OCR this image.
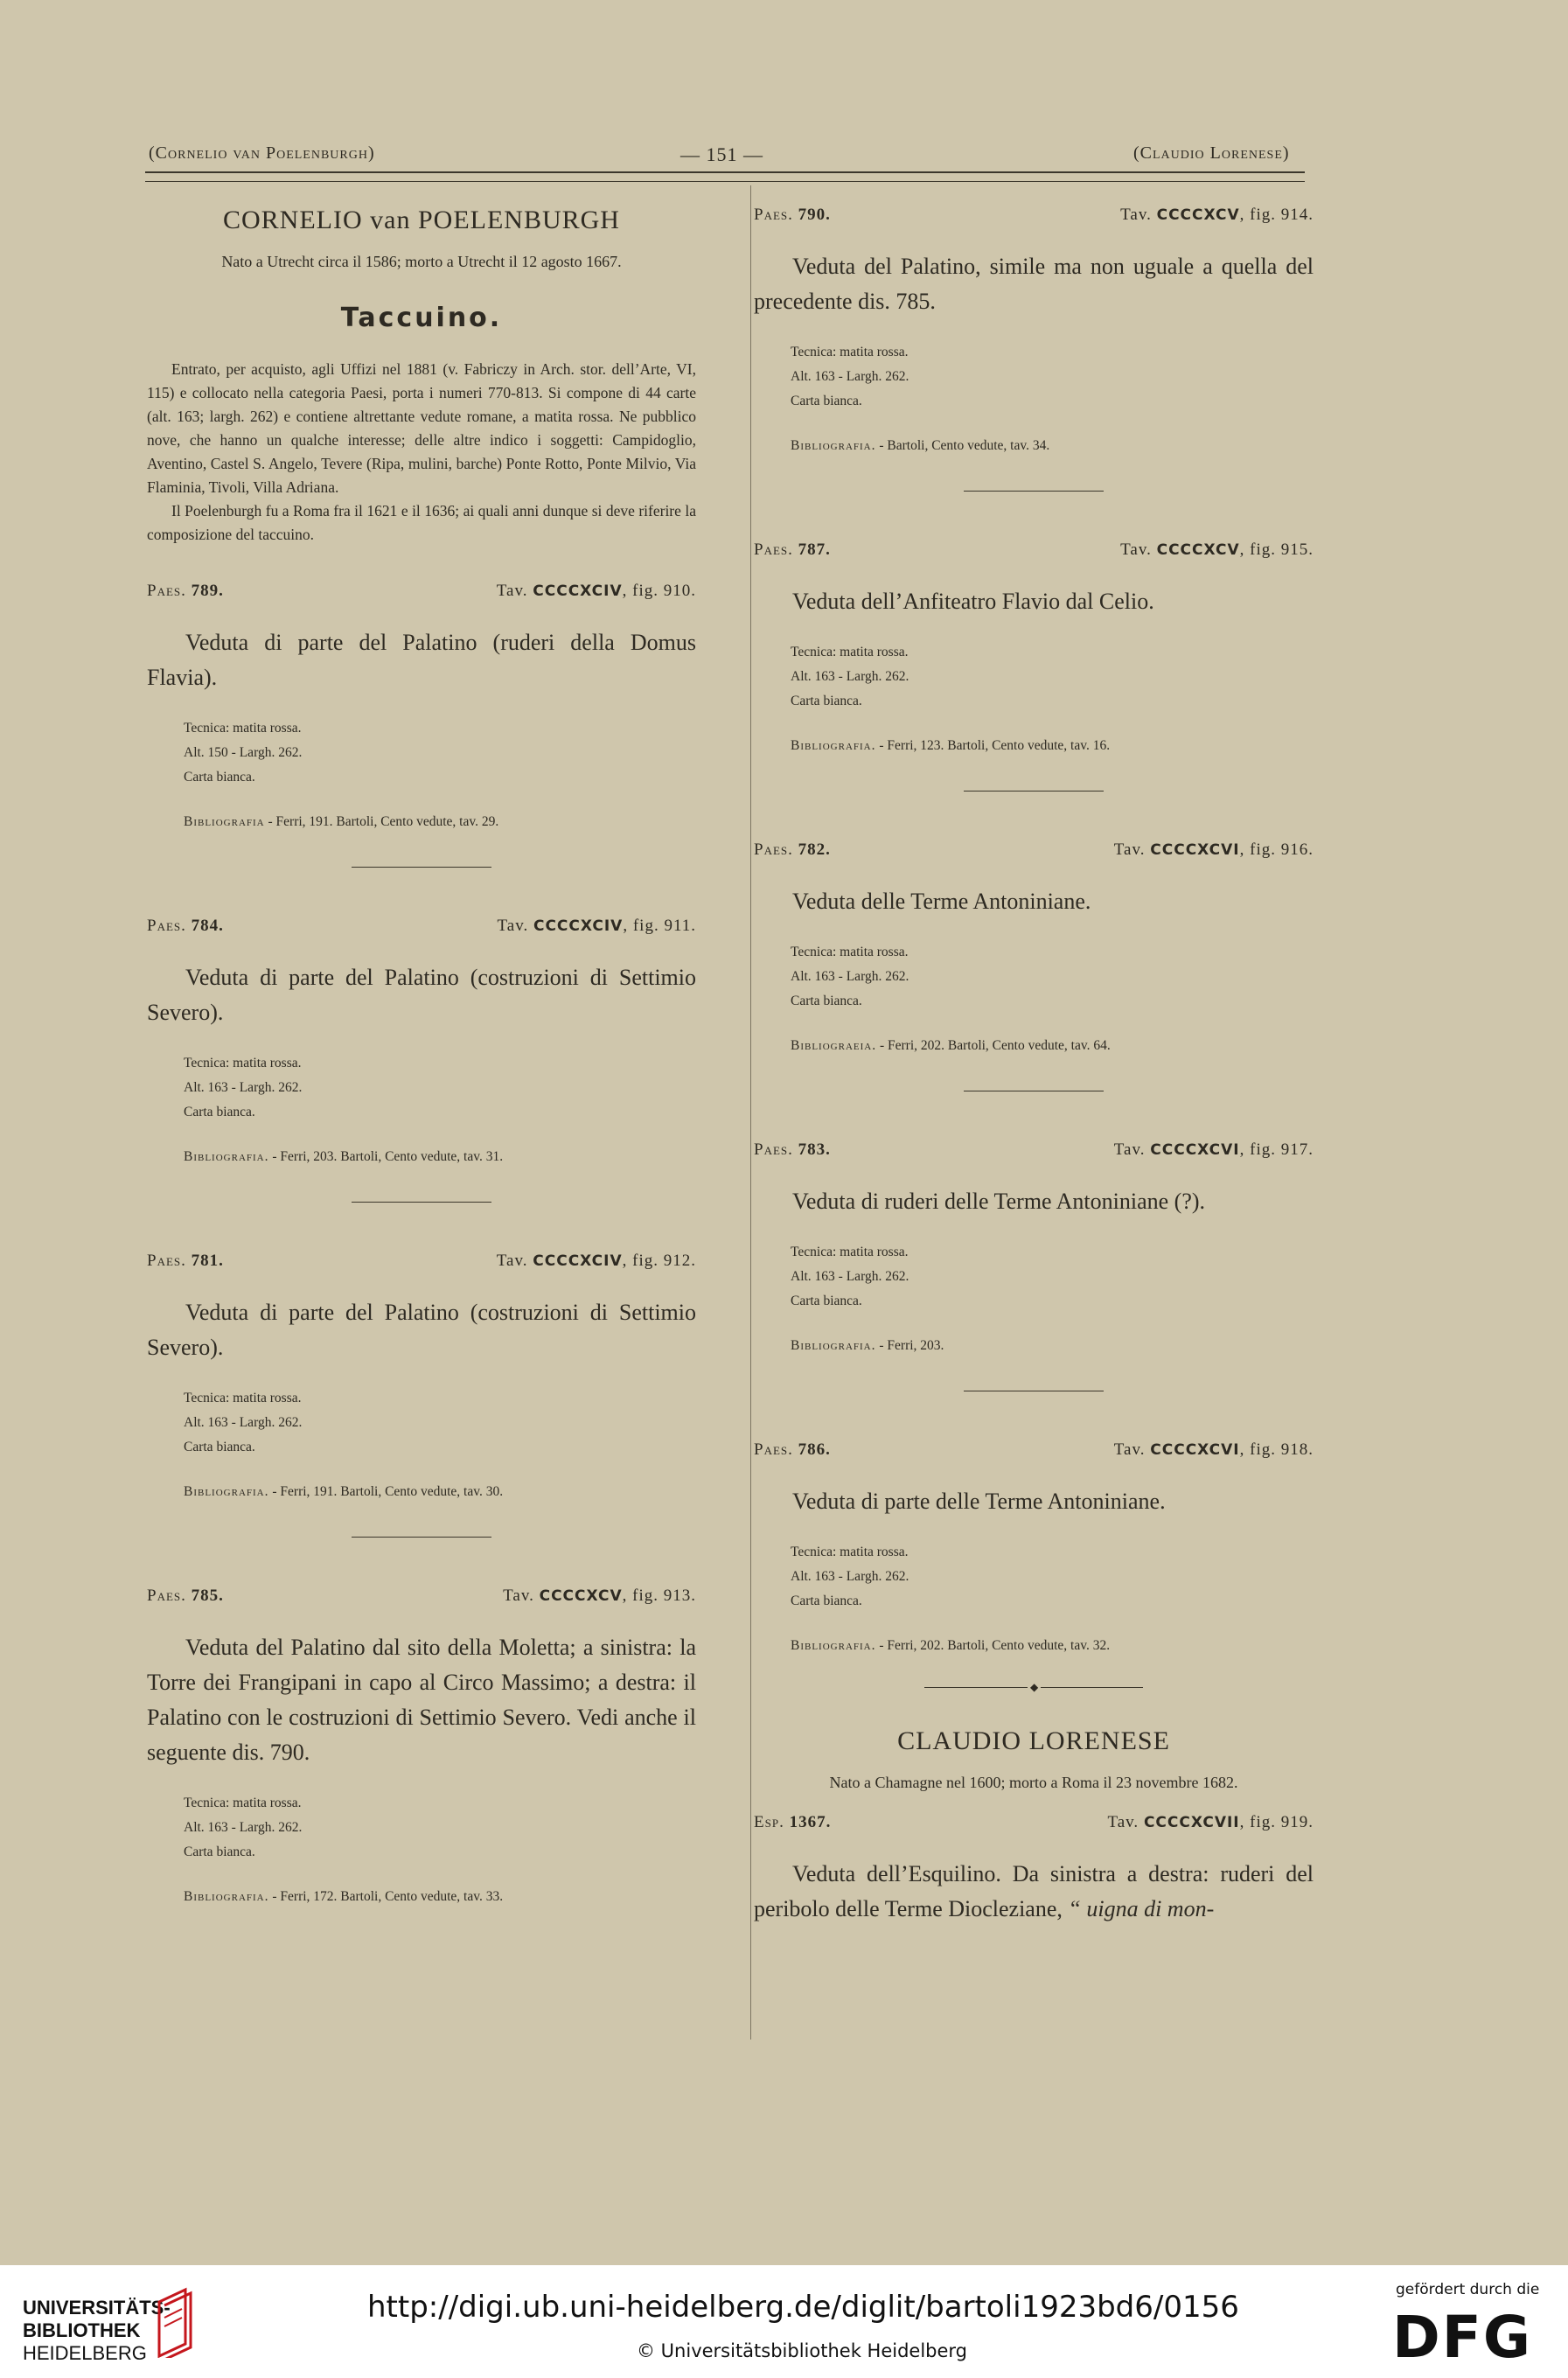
(Cornelio van Poelenburgh)	— 151 —	(Claudio Lorenese)
CORNELIO van POELENBURGH
Nato a Utrecht circa il 1586; morto a Utrecht il 12 agosto 1667.
Taccuino.

Entrato, per acquisto, agli Uffizi nel 1881 (v. Fabriczy in Arch. stor. dell’Arte, VI, 115) e collocato nella categoria Paesi, porta i numeri 770-813. Si compone di 44 carte (alt. 163; largh. 262) e contiene altrettante vedute romane, a matita rossa. Ne pubblico nove, che hanno un qualche interesse; delle altre indico i soggetti: Campidoglio, Aventino, Castel S. Angelo, Tevere (Ripa, mulini, barche) Ponte Rotto, Ponte Milvio, Via Flaminia, Tivoli, Villa Adriana.

Il Poelenburgh fu a Roma fra il 1621 e il 1636; ai quali anni dunque si deve riferire la composizione del taccuino.

Paes. 789.	Tav. CCCCXCIV, fig. 910.
Veduta di parte del Palatino (ruderi della Domus Flavia).
Tecnica: matita rossa.
Alt. 150 - Largh. 262.
Carta bianca.
Bibliografia - Ferri, 191. Bartoli, Cento vedute, tav. 29.
Paes. 784.	Tav. CCCCXCIV, fig. 911.
Veduta di parte del Palatino (costruzioni di Settimio Severo).
Tecnica: matita rossa.
Alt. 163 - Largh. 262.
Carta bianca.
Bibliografia. - Ferri, 203. Bartoli, Cento vedute, tav. 31.
Paes. 781.	Tav. CCCCXCIV, fig. 912.
Veduta di parte del Palatino (costruzioni di Settimio Severo).
Tecnica: matita rossa.
Alt. 163 - Largh. 262.
Carta bianca.
Bibliografia. - Ferri, 191. Bartoli, Cento vedute, tav. 30.
Paes. 785.	Tav. CCCCXCV, fig. 913.
Veduta del Palatino dal sito della Moletta; a sinistra: la Torre dei Frangipani in capo al Circo Massimo; a destra: il Palatino con le costruzioni di Settimio Severo. Vedi anche il seguente dis. 790.
Tecnica: matita rossa.
Alt. 163 - Largh. 262.
Carta bianca.
Bibliografia. - Ferri, 172. Bartoli, Cento vedute, tav. 33.
Paes. 790.	Tav. CCCCXCV, fig. 914.
Veduta del Palatino, simile ma non uguale a quella del precedente dis. 785.
Tecnica: matita rossa.
Alt. 163 - Largh. 262.
Carta bianca.
Bibliografia. - Bartoli, Cento vedute, tav. 34.
Paes. 787.	Tav. CCCCXCV, fig. 915.
Veduta dell’Anfiteatro Flavio dal Celio.
Tecnica: matita rossa.
Alt. 163 - Largh. 262.
Carta bianca.
Bibliografia. - Ferri, 123. Bartoli, Cento vedute, tav. 16.
Paes. 782.	Tav. CCCCXCVI, fig. 916.
Veduta delle Terme Antoniniane.
Tecnica: matita rossa.
Alt. 163 - Largh. 262.
Carta bianca.
Bibliograeia. - Ferri, 202. Bartoli, Cento vedute, tav. 64.
Paes. 783.	Tav. CCCCXCVI, fig. 917.
Veduta di ruderi delle Terme Antoniniane (?).
Tecnica: matita rossa.
Alt. 163 - Largh. 262.
Carta bianca.
Bibliografia. - Ferri, 203.
Paes. 786.	Tav. CCCCXCVI, fig. 918.
Veduta di parte delle Terme Antoniniane.
Tecnica: matita rossa.
Alt. 163 - Largh. 262.
Carta bianca.
Bibliografia. - Ferri, 202. Bartoli, Cento vedute, tav. 32.
◆
CLAUDIO LORENESE
Nato a Chamagne nel 1600; morto a Roma il 23 novembre 1682.
Esp. 1367.	Tav. CCCCXCVII, fig. 919.
Veduta dell’Esquilino. Da sinistra a destra: ruderi del peribolo delle Terme Diocleziane, “ uigna di mon-
UNIVERSITÄTS-
BIBLIOTHEK
HEIDELBERG
http://digi.ub.uni-heidelberg.de/diglit/bartoli1923bd6/0156
© Universitätsbibliothek Heidelberg
gefördert durch die
DFG
